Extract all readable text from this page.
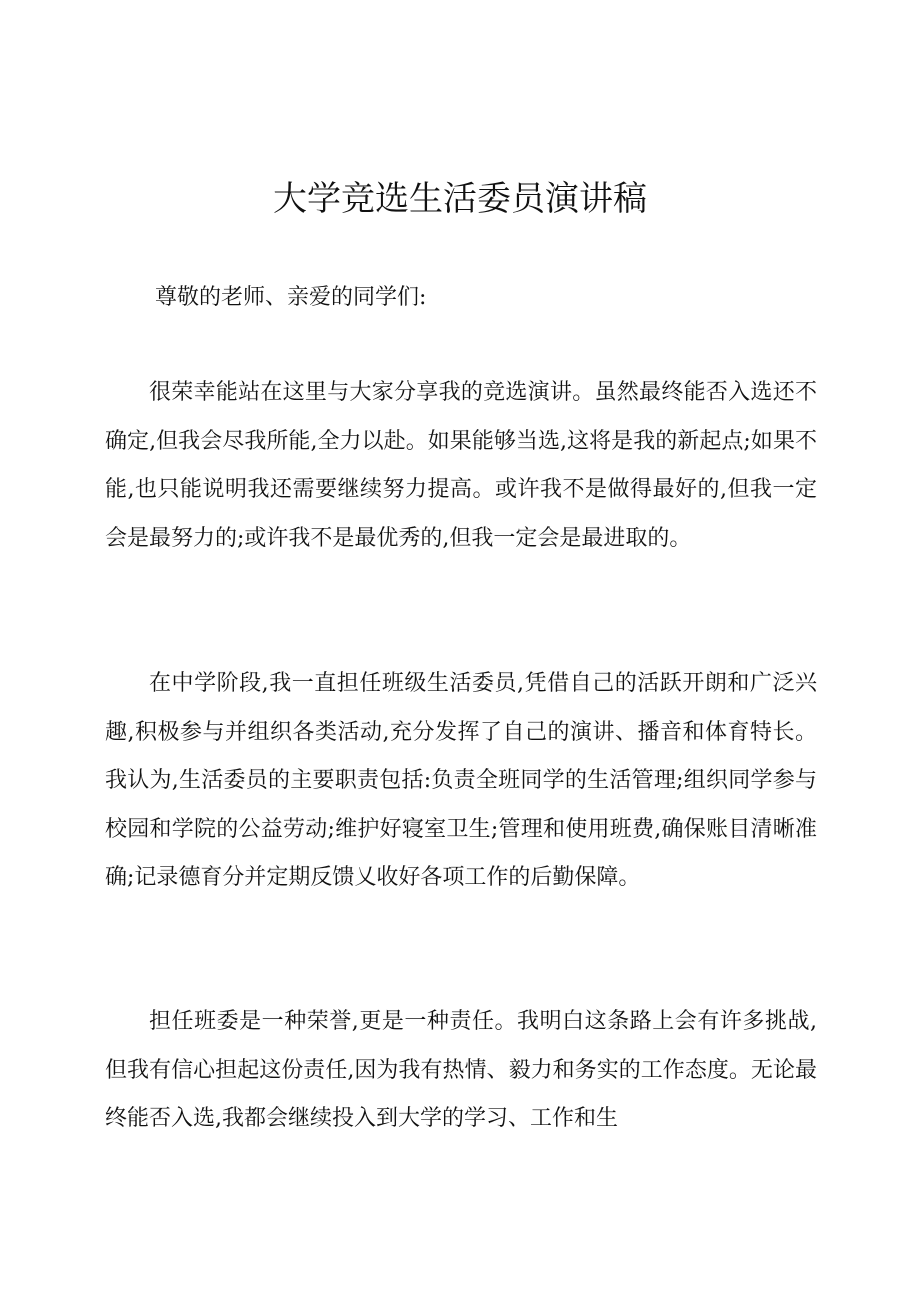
大学竞选生活委员演讲稿

尊敬的老师、亲爱的同学们:

很荣幸能站在这里与大家分享我的竞选演讲。虽然最终能否入选还不确定,但我会尽我所能,全力以赴。如果能够当选,这将是我的新起点;如果不能,也只能说明我还需要继续努力提高。或许我不是做得最好的,但我一定会是最努力的;或许我不是最优秀的,但我一定会是最进取的。

在中学阶段,我一直担任班级生活委员,凭借自己的活跃开朗和广泛兴趣,积极参与并组织各类活动,充分发挥了自己的演讲、播音和体育特长。我认为,生活委员的主要职责包括:负责全班同学的生活管理;组织同学参与校园和学院的公益劳动;维护好寝室卫生;管理和使用班费,确保账目清晰准确;记录德育分并定期反馈乂收好各项工作的后勤保障。

担任班委是一种荣誉,更是一种责任。我明白这条路上会有许多挑战,但我有信心担起这份责任,因为我有热情、毅力和务实的工作态度。无论最终能否入选,我都会继续投入到大学的学习、工作和生
